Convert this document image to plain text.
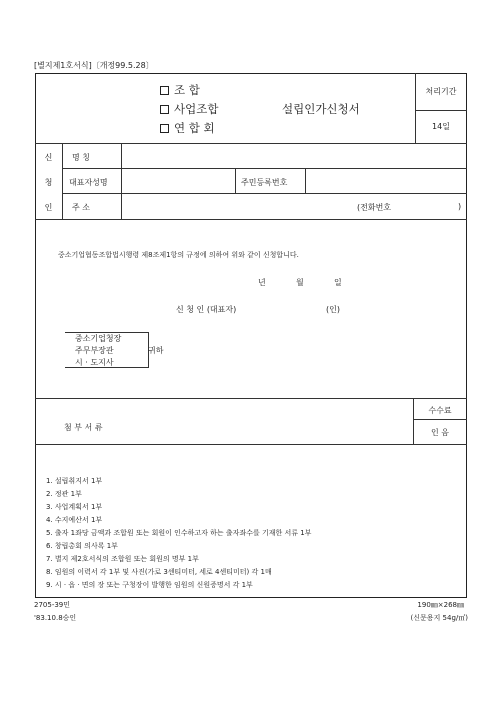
[별지제1호서식]〔개정99.5.28〕
조 합
사업조합
연 합 회
설립인가신청서
처리기간
14일
신
청
인
명 칭
대표자성명	주민등록번호
주 소	(전화번호	)
중소기업협동조합법시행령 제8조제1항의 규정에 의하여 위와 같이 신청합니다.
년	월	일
신 청 인 (대표자)	(인)
중소기업청장
주무부장관
시 · 도지사
귀하
첨 부 서 류
수수료
인 음
1. 설립취지서 1부
2. 정관 1부
3. 사업계획서 1부
4. 수지예산서 1부
5. 출자 1좌당 금액과 조합원 또는 회원이 인수하고자 하는 출자좌수를 기재한 서류 1부
6. 창립총회 의사록 1부
7. 별지 제2호서식의 조합원 또는 회원의 명부 1부
8. 임원의 이력서 각 1부 및 사진(가로 3센티미터, 세로 4센티미터) 각 1매
9. 시 · 읍 · 면의 장 또는 구청장이 발행한 임원의 신원증명서 각 1부
2705-39민
'83.10.8승인
190㎜×268㎜
(신문용지 54g/㎡)
